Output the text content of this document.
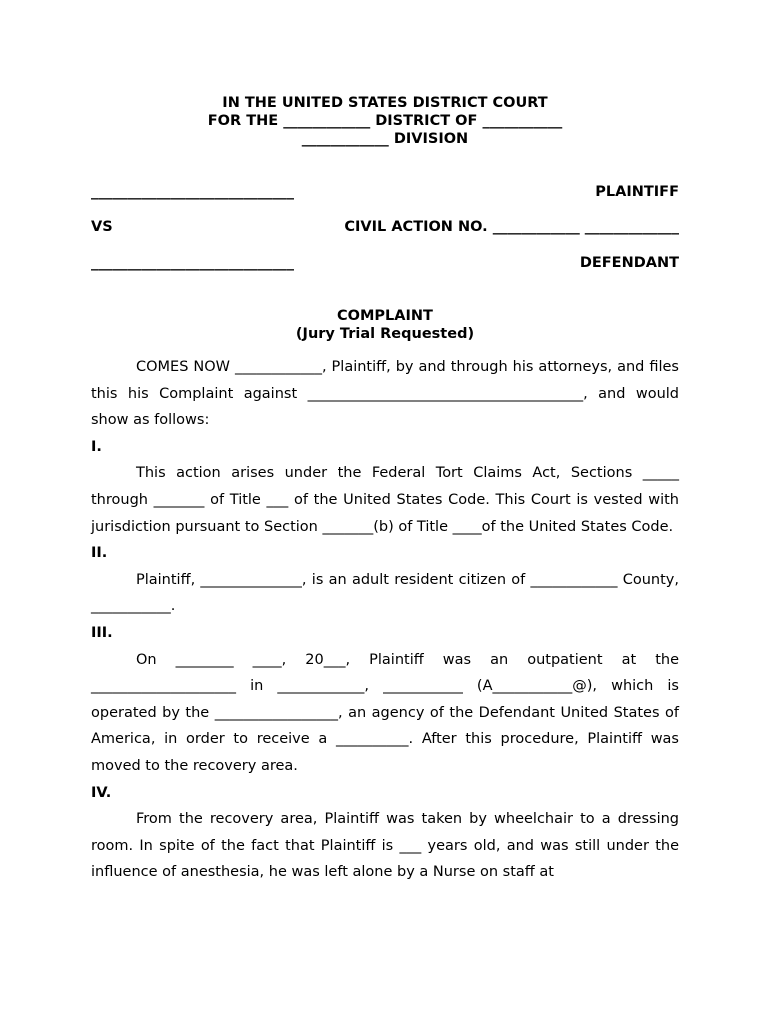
IN THE UNITED STATES DISTRICT COURT
FOR THE ____________ DISTRICT OF ___________
____________ DIVISION
____________________________	PLAINTIFF
VS	CIVIL ACTION NO. ____________ _____________
____________________________	DEFENDANT
COMPLAINT
(Jury Trial Requested)

COMES NOW ____________, Plaintiff, by and through his attorneys, and files this his Complaint against ______________________________________, and would show as follows:

I.

This action arises under the Federal Tort Claims Act, Sections _____ through _______ of Title ___ of the United States Code. This Court is vested with jurisdiction pursuant to Section _______(b) of Title ____of the United States Code.

II.

Plaintiff, ______________, is an adult resident citizen of ____________ County, ___________.

III.

On ________ ____, 20___, Plaintiff was an outpatient at the ____________________ in ____________, ___________ (A___________@), which is operated by the _________________, an agency of the Defendant United States of America, in order to receive a __________. After this procedure, Plaintiff was moved to the recovery area.

IV.

From the recovery area, Plaintiff was taken by wheelchair to a dressing room. In spite of the fact that Plaintiff is ___ years old, and was still under the influence of anesthesia, he was left alone by a Nurse on staff at
